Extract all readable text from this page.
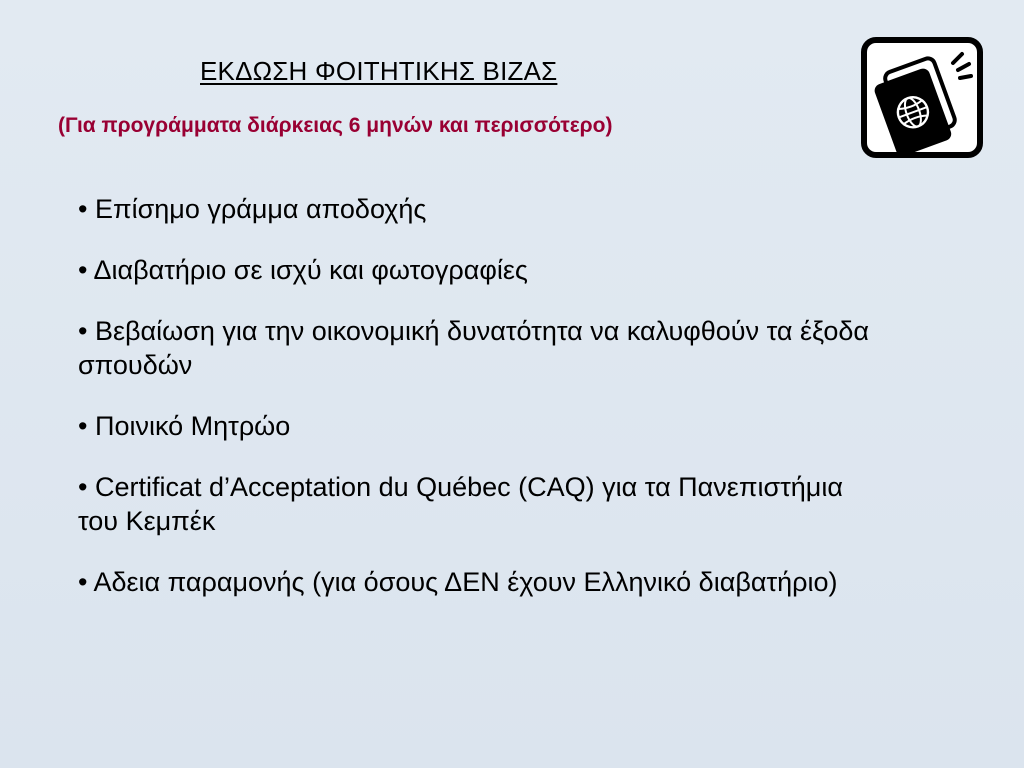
ΕΚΔΩΣΗ ΦΟΙΤΗΤΙΚΗΣ ΒΙΖΑΣ
(Για προγράμματα διάρκειας 6 μηνών και περισσότερο)
• Επίσημο γράμμα αποδοχής
• Διαβατήριο σε ισχύ και φωτογραφίες
• Βεβαίωση για την οικονομική δυνατότητα να καλυφθούν τα έξοδα σπουδών
• Ποινικό Μητρώο
• Certificat d’Acceptation du Québec (CAQ) για τα Πανεπιστήμια του Κεμπέκ
• Αδεια παραμονής (για όσους ΔΕΝ έχουν Ελληνικό διαβατήριο)
